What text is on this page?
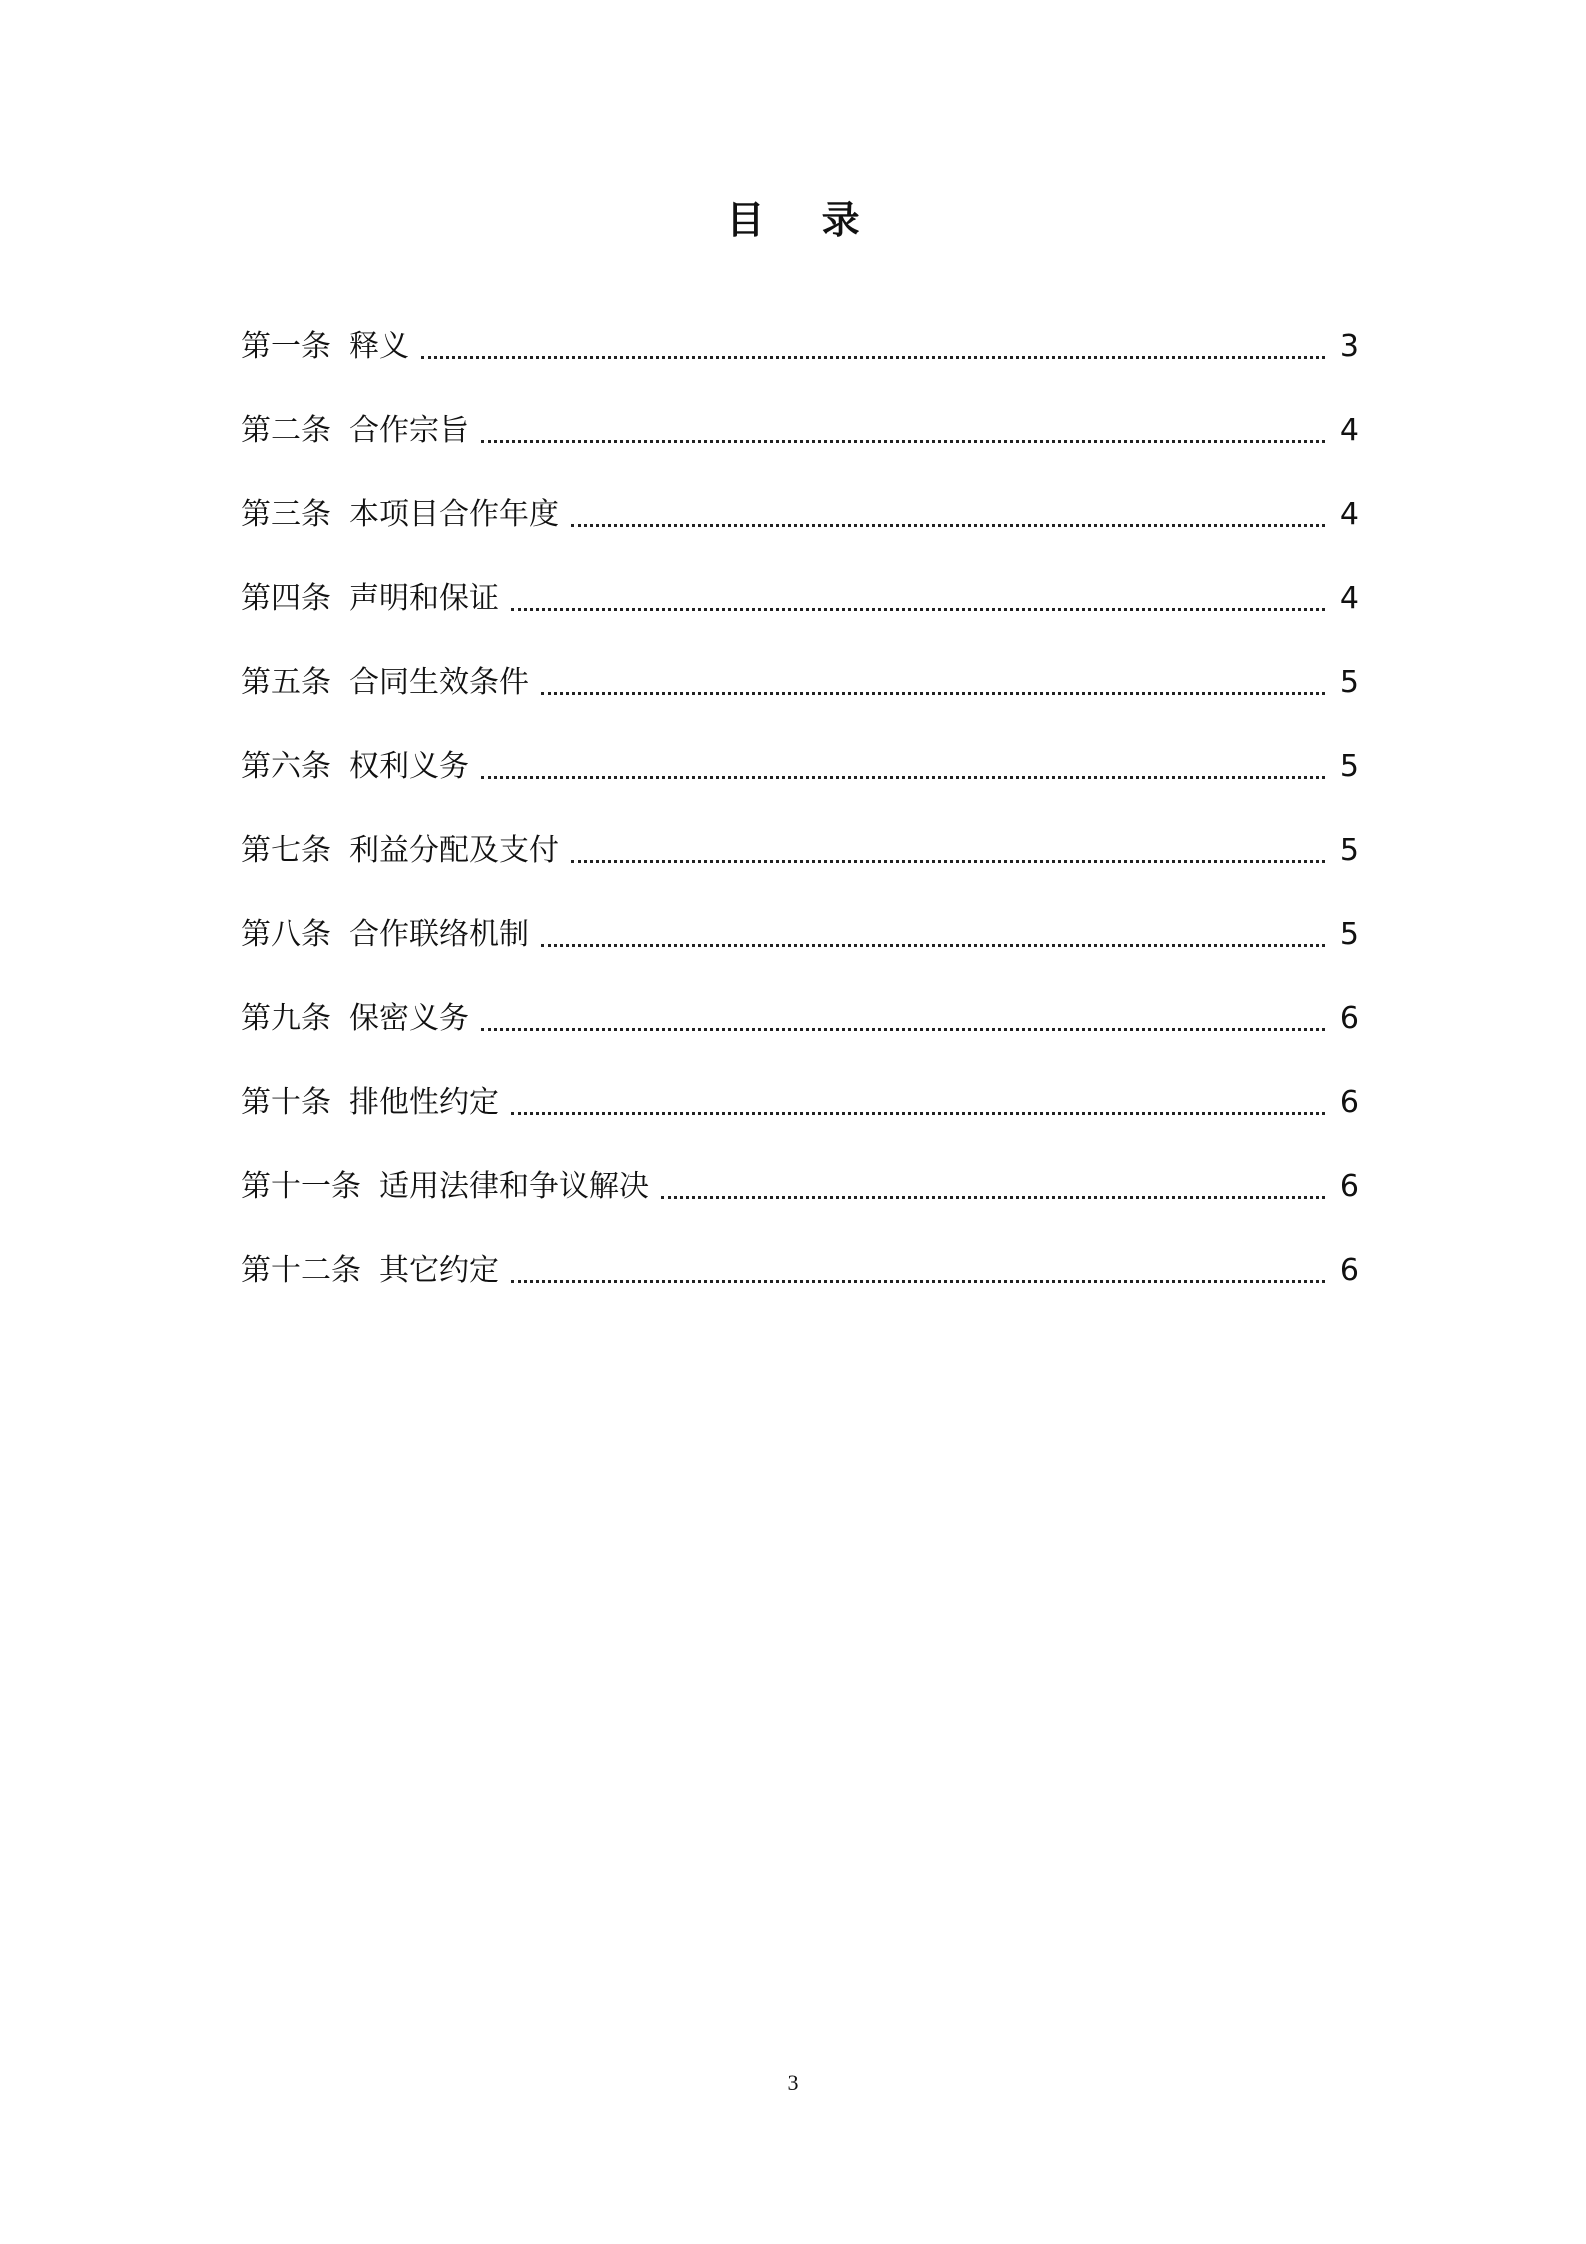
目 录
第一条 释义	3
第二条 合作宗旨	4
第三条 本项目合作年度	4
第四条 声明和保证	4
第五条 合同生效条件	5
第六条 权利义务	5
第七条 利益分配及支付	5
第八条 合作联络机制	5
第九条 保密义务	6
第十条 排他性约定	6
第十一条 适用法律和争议解决	6
第十二条 其它约定	6
3
